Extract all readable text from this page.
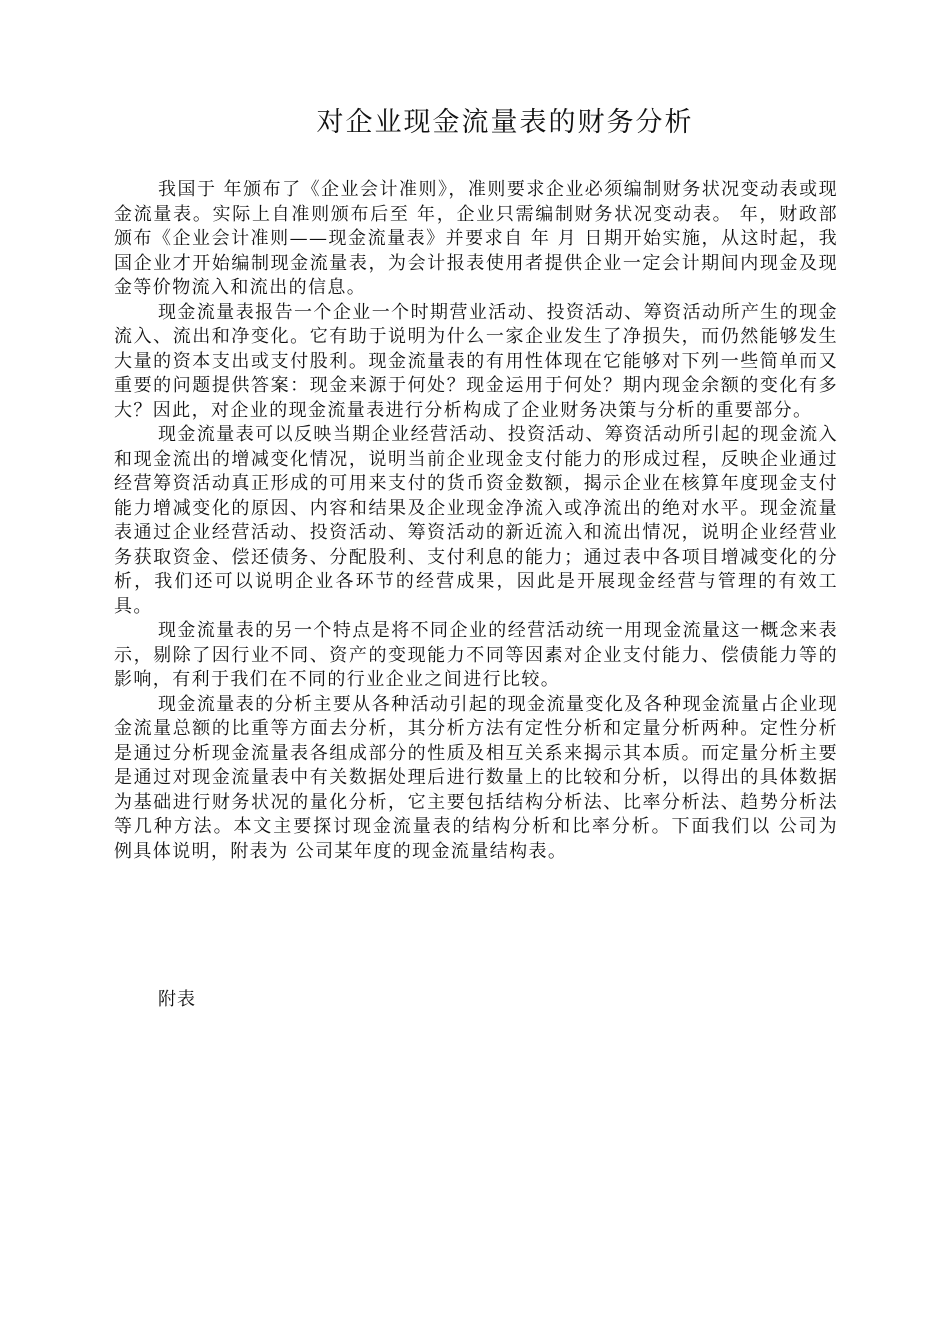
对企业现金流量表的财务分析

我国于 年颁布了《企业会计准则》，准则要求企业必须编制财务状况变动表或现金流量表。实际上自准则颁布后至 年，企业只需编制财务状况变动表。 年，财政部颁布《企业会计准则——现金流量表》并要求自 年 月 日期开始实施，从这时起，我国企业才开始编制现金流量表，为会计报表使用者提供企业一定会计期间内现金及现金等价物流入和流出的信息。

现金流量表报告一个企业一个时期营业活动、投资活动、筹资活动所产生的现金流入、流出和净变化。它有助于说明为什么一家企业发生了净损失，而仍然能够发生大量的资本支出或支付股利。现金流量表的有用性体现在它能够对下列一些简单而又重要的问题提供答案：现金来源于何处？现金运用于何处？期内现金余额的变化有多大？因此，对企业的现金流量表进行分析构成了企业财务决策与分析的重要部分。

现金流量表可以反映当期企业经营活动、投资活动、筹资活动所引起的现金流入和现金流出的增减变化情况，说明当前企业现金支付能力的形成过程，反映企业通过经营筹资活动真正形成的可用来支付的货币资金数额，揭示企业在核算年度现金支付能力增减变化的原因、内容和结果及企业现金净流入或净流出的绝对水平。现金流量表通过企业经营活动、投资活动、筹资活动的新近流入和流出情况，说明企业经营业务获取资金、偿还债务、分配股利、支付利息的能力；通过表中各项目增减变化的分析，我们还可以说明企业各环节的经营成果，因此是开展现金经营与管理的有效工具。

现金流量表的另一个特点是将不同企业的经营活动统一用现金流量这一概念来表示，剔除了因行业不同、资产的变现能力不同等因素对企业支付能力、偿债能力等的影响，有利于我们在不同的行业企业之间进行比较。

现金流量表的分析主要从各种活动引起的现金流量变化及各种现金流量占企业现金流量总额的比重等方面去分析，其分析方法有定性分析和定量分析两种。定性分析是通过分析现金流量表各组成部分的性质及相互关系来揭示其本质。而定量分析主要是通过对现金流量表中有关数据处理后进行数量上的比较和分析，以得出的具体数据为基础进行财务状况的量化分析，它主要包括结构分析法、比率分析法、趋势分析法等几种方法。本文主要探讨现金流量表的结构分析和比率分析。下面我们以 公司为例具体说明，附表为 公司某年度的现金流量结构表。

附表
